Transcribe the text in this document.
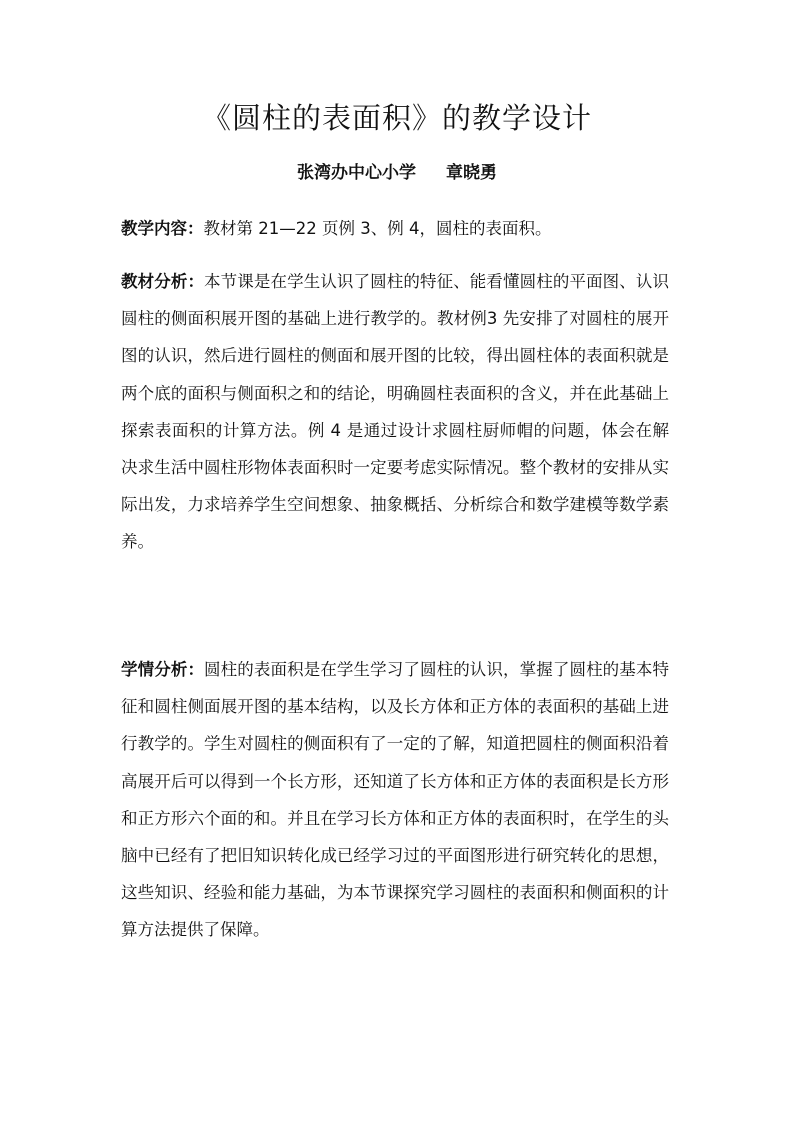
《圆柱的表面积》的教学设计
张湾办中心小学 章晓勇

教学内容：教材第 21—22 页例 3、例 4，圆柱的表面积。

教材分析：本节课是在学生认识了圆柱的特征、能看懂圆柱的平面图、认识圆柱的侧面积展开图的基础上进行教学的。教材例3 先安排了对圆柱的展开图的认识，然后进行圆柱的侧面和展开图的比较，得出圆柱体的表面积就是两个底的面积与侧面积之和的结论，明确圆柱表面积的含义，并在此基础上探索表面积的计算方法。例 4 是通过设计求圆柱厨师帽的问题，体会在解决求生活中圆柱形物体表面积时一定要考虑实际情况。整个教材的安排从实际出发，力求培养学生空间想象、抽象概括、分析综合和数学建模等数学素养。

学情分析：圆柱的表面积是在学生学习了圆柱的认识，掌握了圆柱的基本特征和圆柱侧面展开图的基本结构，以及长方体和正方体的表面积的基础上进行教学的。学生对圆柱的侧面积有了一定的了解，知道把圆柱的侧面积沿着高展开后可以得到一个长方形，还知道了长方体和正方体的表面积是长方形和正方形六个面的和。并且在学习长方体和正方体的表面积时，在学生的头脑中已经有了把旧知识转化成已经学习过的平面图形进行研究转化的思想，这些知识、经验和能力基础，为本节课探究学习圆柱的表面积和侧面积的计算方法提供了保障。
